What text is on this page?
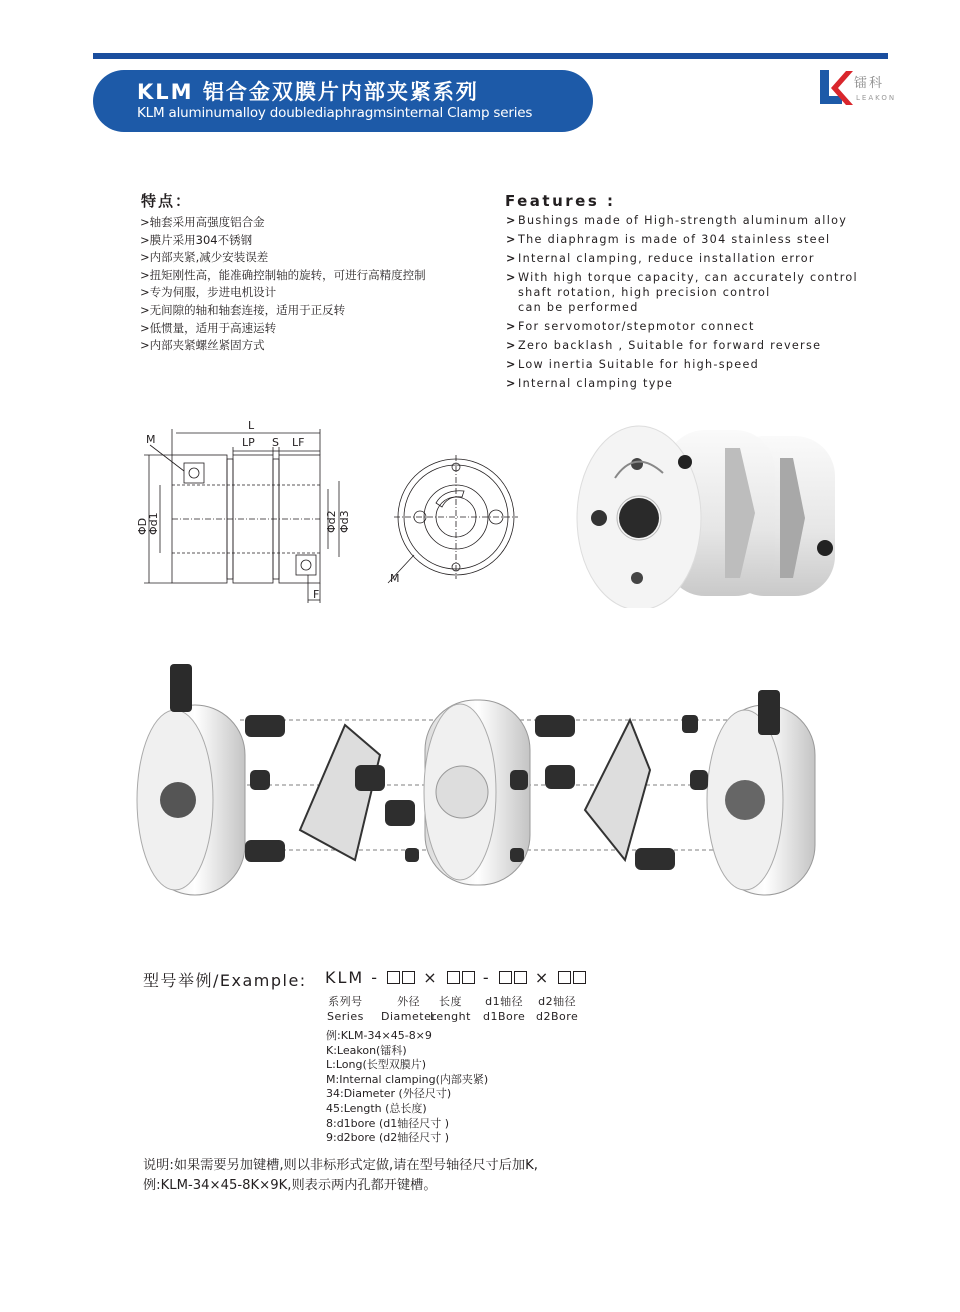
KLM 铝合金双膜片内部夹紧系列
KLM aluminumalloy doublediaphragmsinternal Clamp series
镭科
LEAKON
特点：
>轴套采用高强度铝合金
>膜片采用304不锈钢
>内部夹紧,减少安装误差
>扭矩刚性高，能准确控制轴的旋转，可进行高精度控制
>专为伺服，步进电机设计
>无间隙的轴和轴套连接，适用于正反转
>低惯量，适用于高速运转
>内部夹紧螺丝紧固方式
Features :
> Bushings made of High-strength aluminum alloy
> The diaphragm is made of 304 stainless steel
> Internal clamping, reduce installation error
> With high torque capacity, can accurately control
shaft rotation, high precision control
can be performed
> For servomotor/stepmotor connect
> Zero backlash , Suitable for forward reverse
> Low inertia Suitable for high-speed
> Internal clamping type
L
LP S LF
M
F
ΦD
Φd1	Φd2 Φd3
M
型号举例/Example: KLM -	×	-	×
系列号
Series
外径
Diameter
长度
Lenght
d1轴径
d1Bore
d2轴径
d2Bore
例:KLM-34×45-8×9
K:Leakon(镭科)
L:Long(长型双膜片)
M:Internal clamping(内部夹紧)
34:Diameter (外径尺寸)
45:Length (总长度)
8:d1bore (d1轴径尺寸 )
9:d2bore (d2轴径尺寸 )
说明:如果需要另加键槽,则以非标形式定做,请在型号轴径尺寸后加K,
例:KLM-34×45-8K×9K,则表示两内孔都开键槽。
